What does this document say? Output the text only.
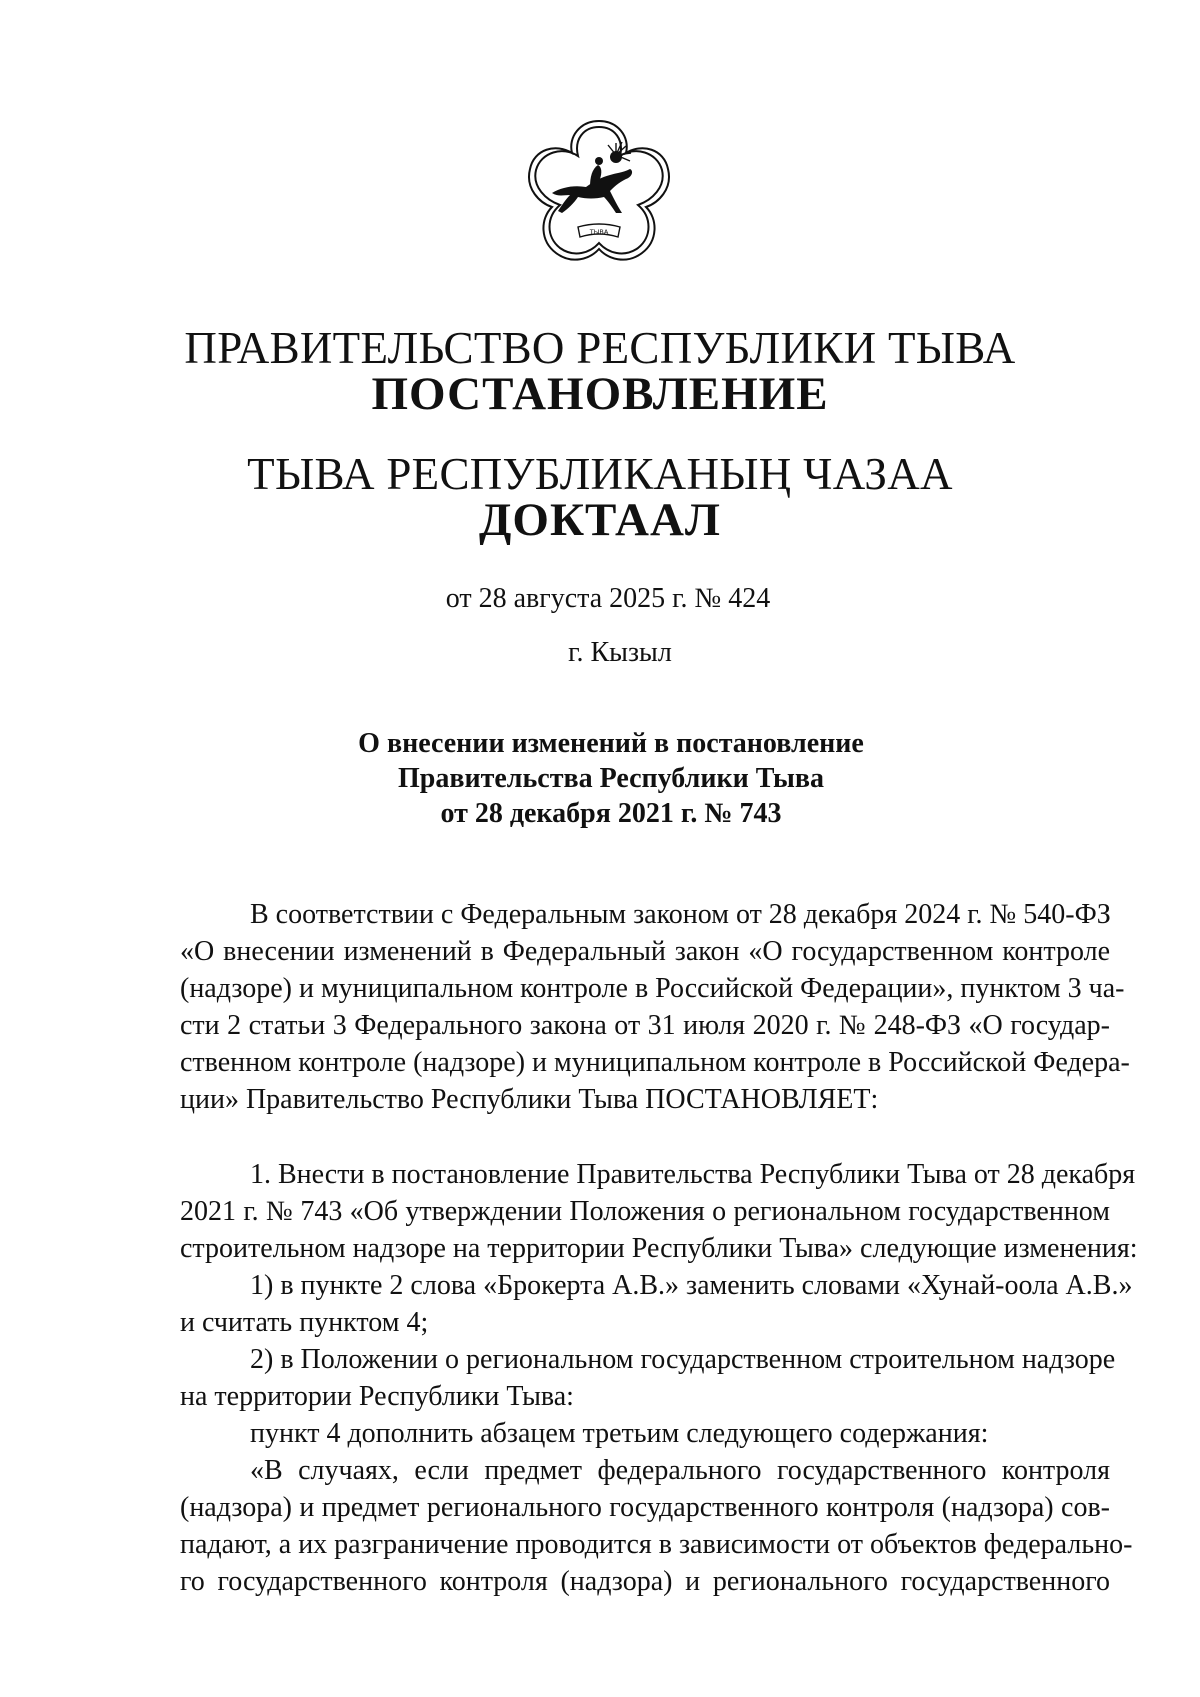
ТЫВА
ПРАВИТЕЛЬСТВО РЕСПУБЛИКИ ТЫВА
ПОСТАНОВЛЕНИЕ
ТЫВА РЕСПУБЛИКАНЫҢ ЧАЗАА
ДОКТААЛ
от 28 августа 2025 г. № 424
г. Кызыл
О внесении изменений в постановление
Правительства Республики Тыва
от 28 декабря 2021 г. № 743
В соответствии с Федеральным законом от 28 декабря 2024 г. № 540-ФЗ
«О внесении изменений в Федеральный закон «О государственном контроле
(надзоре) и муниципальном контроле в Российской Федерации», пунктом 3 ча-
сти 2 статьи 3 Федерального закона от 31 июля 2020 г. № 248-ФЗ «О государ-
ственном контроле (надзоре) и муниципальном контроле в Российской Федера-
ции» Правительство Республики Тыва ПОСТАНОВЛЯЕТ:
1. Внести в постановление Правительства Республики Тыва от 28 декабря
2021 г. № 743 «Об утверждении Положения о региональном государственном
строительном надзоре на территории Республики Тыва» следующие изменения:
1) в пункте 2 слова «Брокерта А.В.» заменить словами «Хунай-оола А.В.»
и считать пунктом 4;
2) в Положении о региональном государственном строительном надзоре
на территории Республики Тыва:
пункт 4 дополнить абзацем третьим следующего содержания:
«В случаях, если предмет федерального государственного контроля
(надзора) и предмет регионального государственного контроля (надзора) сов-
падают, а их разграничение проводится в зависимости от объектов федерально-
го государственного контроля (надзора) и регионального государственного
